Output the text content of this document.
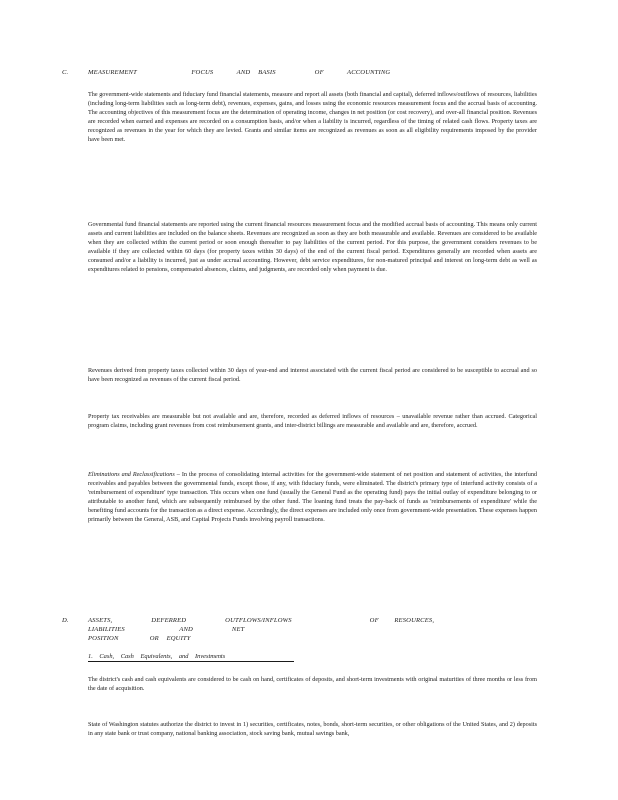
C.	MEASUREMENT       FOCUS   AND BASIS     OF   ACCOUNTING

The government-wide statements and fiduciary fund financial statements, measure and report all assets (both financial and capital), deferred inflows/outflows of resources, liabilities (including long-term liabilities such as long-term debt), revenues, expenses, gains, and losses using the economic resources measurement focus and the accrual basis of accounting. The accounting objectives of this measurement focus are the determination of operating income, changes in net position (or cost recovery), and over-all financial position. Revenues are recorded when earned and expenses are recorded on a consumption basis, and/or when a liability is incurred, regardless of the timing of related cash flows. Property taxes are recognized as revenues in the year for which they are levied. Grants and similar items are recognized as revenues as soon as all eligibility requirements imposed by the provider have been met.

Governmental fund financial statements are reported using the current financial resources measurement focus and the modified accrual basis of accounting. This means only current assets and current liabilities are included on the balance sheets. Revenues are recognized as soon as they are both measurable and available. Revenues are considered to be available when they are collected within the current period or soon enough thereafter to pay liabilities of the current period. For this purpose, the government considers revenues to be available if they are collected within 60 days (for property taxes within 30 days) of the end of the current fiscal period. Expenditures generally are recorded when assets are consumed and/or a liability is incurred, just as under accrual accounting. However, debt service expenditures, for non-matured principal and interest on long-term debt as well as expenditures related to pensions, compensated absences, claims, and judgments, are recorded only when payment is due.

Revenues derived from property taxes collected within 30 days of year-end and interest associated with the current fiscal period are considered to be susceptible to accrual and so have been recognized as revenues of the current fiscal period.

Property tax receivables are measurable but not available and are, therefore, recorded as deferred inflows of resources – unavailable revenue rather than accrued. Categorical program claims, including grant revenues from cost reimbursement grants, and inter-district billings are measurable and available and are, therefore, accrued.

Eliminations and Reclassifications – In the process of consolidating internal activities for the government-wide statement of net position and statement of activities, the interfund receivables and payables between the governmental funds, except those, if any, with fiduciary funds, were eliminated. The district's primary type of interfund activity consists of a 'reimbursement of expenditure' type transaction. This occurs when one fund (usually the General Fund as the operating fund) pays the initial outlay of expenditure belonging to or attributable to another fund, which are subsequently reimbursed by the other fund. The loaning fund treats the pay-back of funds as 'reimbursements of expenditure' while the benefiting fund accounts for the transaction as a direct expense. Accordingly, the direct expenses are included only once from government-wide presentation. These expenses happen primarily between the General, ASB, and Capital Projects Funds involving payroll transactions.

D.	ASSETS,     DEFERRED     OUTFLOWS/INFLOWS          OF  RESOURCES,       LIABILITIES       AND     NET
POSITION    OR EQUITY
1. Cash, Cash Equivalents, and Investments

The district's cash and cash equivalents are considered to be cash on hand, certificates of deposits, and short-term investments with original maturities of three months or less from the date of acquisition.

State of Washington statutes authorize the district to invest in 1) securities, certificates, notes, bonds, short-term securities, or other obligations of the United States, and 2) deposits in any state bank or trust company, national banking association, stock saving bank, mutual savings bank,
